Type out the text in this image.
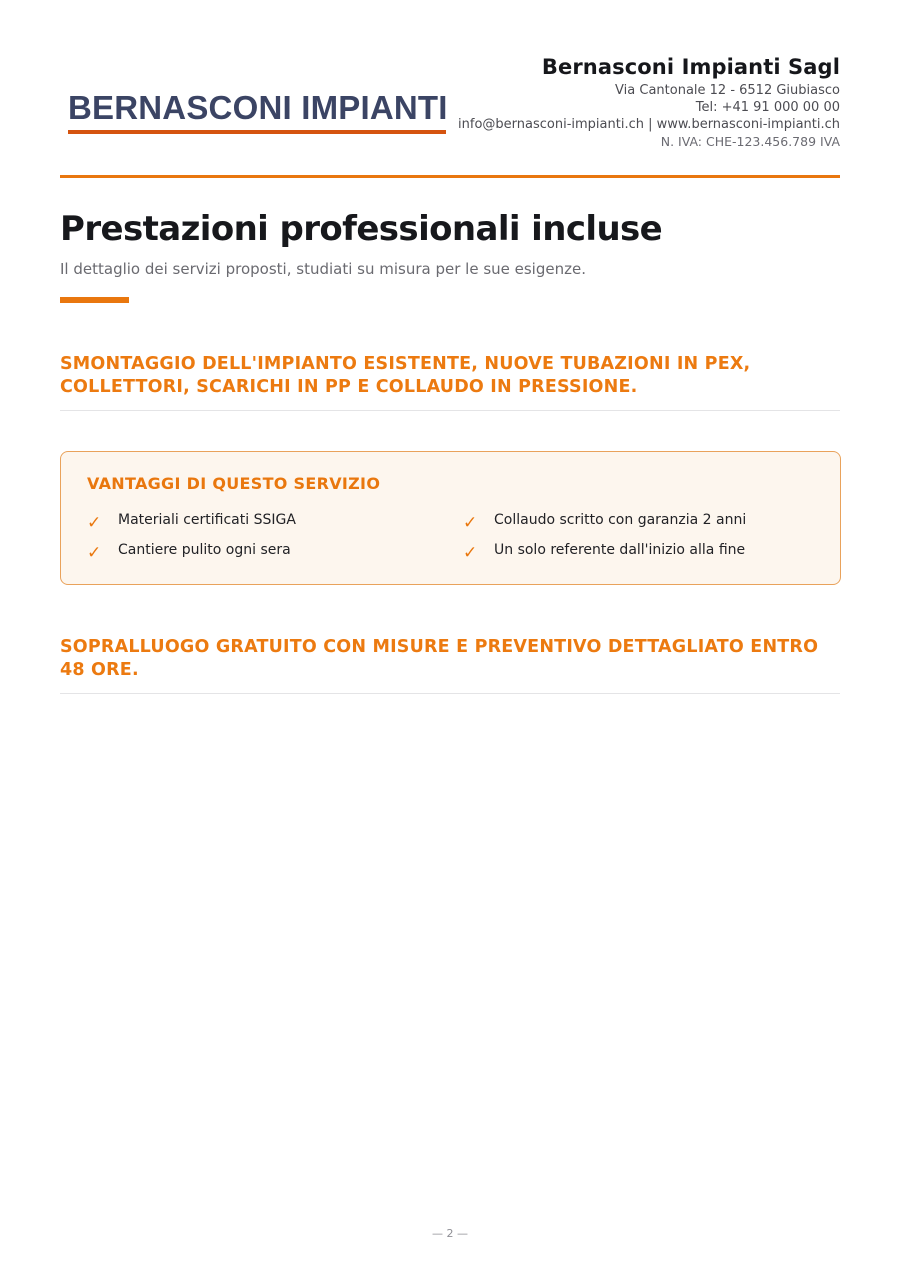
BERNASCONI IMPIANTI
Bernasconi Impianti Sagl
Via Cantonale 12 - 6512 Giubiasco
Tel: +41 91 000 00 00
info@bernasconi-impianti.ch | www.bernasconi-impianti.ch
N. IVA: CHE-123.456.789 IVA
Prestazioni professionali incluse

Il dettaglio dei servizi proposti, studiati su misura per le sue esigenze.

SMONTAGGIO DELL'IMPIANTO ESISTENTE, NUOVE TUBAZIONI IN PEX, COLLETTORI, SCARICHI IN PP E COLLAUDO IN PRESSIONE.
VANTAGGI DI QUESTO SERVIZIO
✓	Materiali certificati SSIGA	✓	Collaudo scritto con garanzia 2 anni
✓	Cantiere pulito ogni sera	✓	Un solo referente dall'inizio alla fine
SOPRALLUOGO GRATUITO CON MISURE E PREVENTIVO DETTAGLIATO ENTRO 48 ORE.
— 2 —
